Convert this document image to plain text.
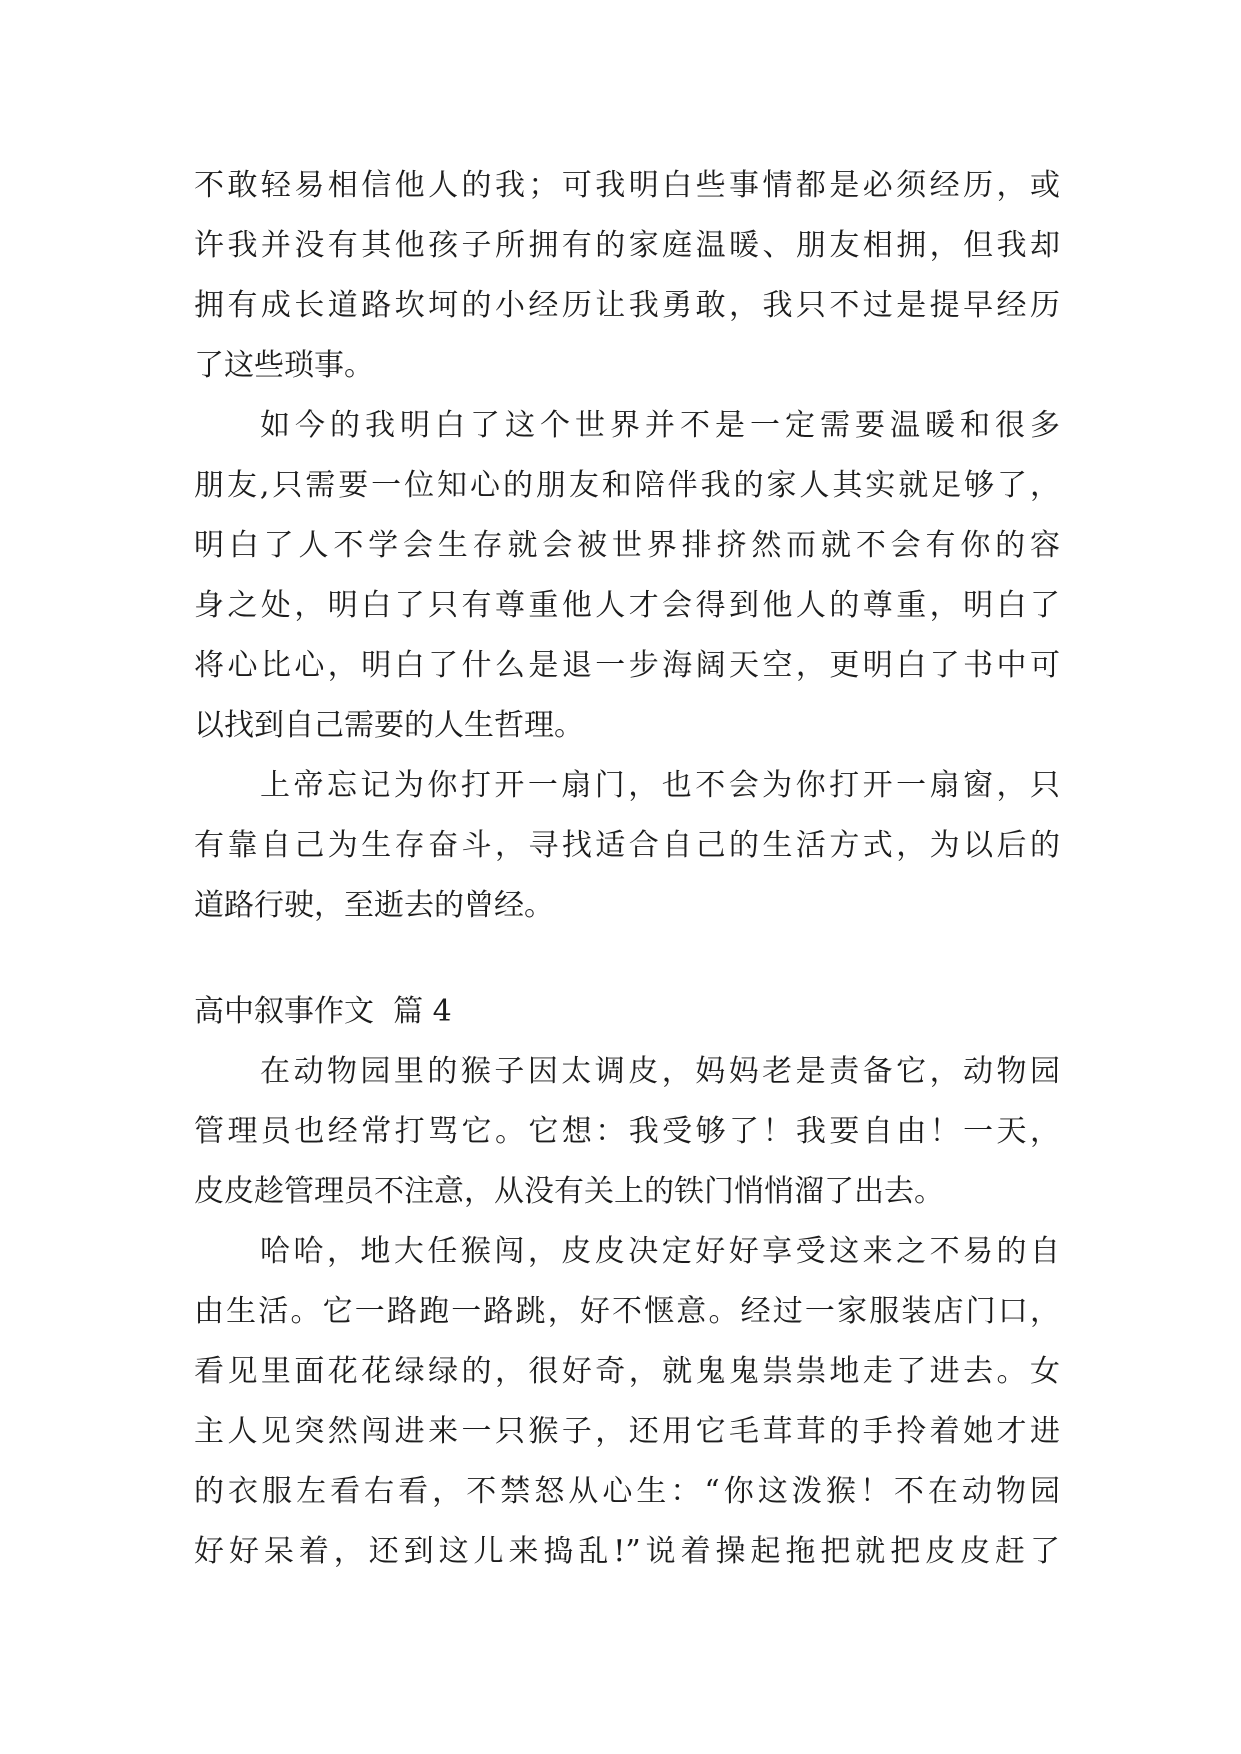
不敢轻易相信他人的我；可我明白些事情都是必须经历，或
许我并没有其他孩子所拥有的家庭温暖、朋友相拥，但我却
拥有成长道路坎坷的小经历让我勇敢，我只不过是提早经历
了这些琐事。
如今的我明白了这个世界并不是一定需要温暖和很多
朋友,只需要一位知心的朋友和陪伴我的家人其实就足够了，
明白了人不学会生存就会被世界排挤然而就不会有你的容
身之处，明白了只有尊重他人才会得到他人的尊重，明白了
将心比心，明白了什么是退一步海阔天空，更明白了书中可
以找到自己需要的人生哲理。
上帝忘记为你打开一扇门，也不会为你打开一扇窗，只
有靠自己为生存奋斗，寻找适合自己的生活方式，为以后的
道路行驶，至逝去的曾经。
高中叙事作文  篇 4
在动物园里的猴子因太调皮，妈妈老是责备它，动物园
管理员也经常打骂它。它想：我受够了！我要自由！一天，
皮皮趁管理员不注意，从没有关上的铁门悄悄溜了出去。
哈哈，地大任猴闯，皮皮决定好好享受这来之不易的自
由生活。它一路跑一路跳，好不惬意。经过一家服装店门口，
看见里面花花绿绿的，很好奇，就鬼鬼祟祟地走了进去。女
主人见突然闯进来一只猴子，还用它毛茸茸的手拎着她才进
的衣服左看右看，不禁怒从心生：“你这泼猴！不在动物园
好好呆着，还到这儿来捣乱!”说着操起拖把就把皮皮赶了
